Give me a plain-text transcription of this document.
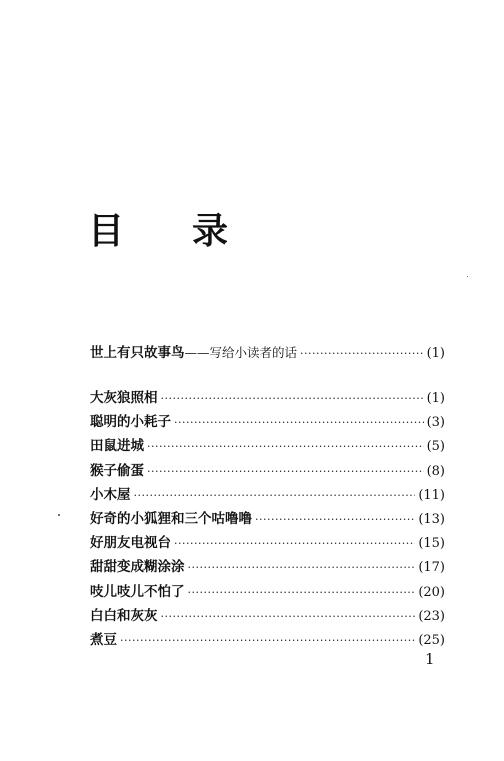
目 录
世上有只故事鸟 —— 写给小读者的话 ·····	(1)
大灰狼照相 ·····	(1)
聪明的小耗子 ·····	(3)
田鼠进城 ·····	(5)
猴子偷蛋 ·····	(8)
小木屋 ·····	(11)
好奇的小狐狸和三个咕噜噜 ·····	(13)
好朋友电视台 ·····	(15)
甜甜变成糊涂涂 ·····	(17)
吱儿吱儿不怕了 ·····	(20)
白白和灰灰 ·····	(23)
煮豆 ·····	(25)
1
